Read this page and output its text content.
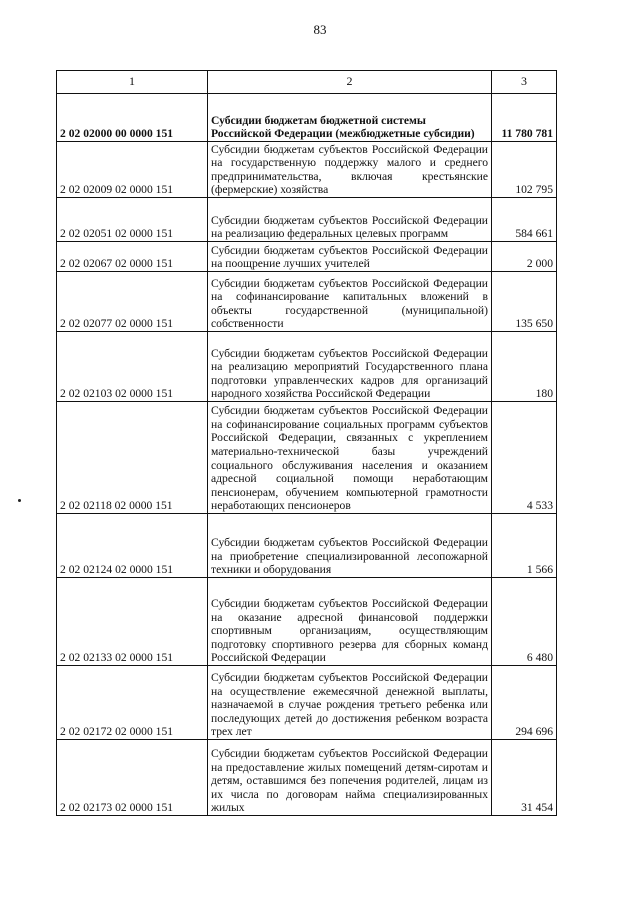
83
1	2	3
2 02 02000 00 0000 151	Субсидии бюджетам бюджетной системы Российской Федерации (межбюджетные субсидии)	11 780 781
2 02 02009 02 0000 151	Субсидии бюджетам субъектов Российской Федерации на государственную поддержку малого и среднего предпринимательства, включая крестьянские (фермерские) хозяйства	102 795
2 02 02051 02 0000 151	Субсидии бюджетам субъектов Российской Федерации на реализацию федеральных целевых программ	584 661
2 02 02067 02 0000 151	Субсидии бюджетам субъектов Российской Федерации на поощрение лучших учителей	2 000
2 02 02077 02 0000 151	Субсидии бюджетам субъектов Российской Федерации на софинансирование капитальных вложений в объекты государственной (муниципальной) собственности	135 650
2 02 02103 02 0000 151	Субсидии бюджетам субъектов Российской Федерации на реализацию мероприятий Государственного плана подготовки управленческих кадров для организаций народного хозяйства Российской Федерации	180
2 02 02118 02 0000 151	Субсидии бюджетам субъектов Российской Федерации на софинансирование социальных программ субъектов Российской Федерации, связанных с укреплением материально-технической базы учреждений социального обслуживания населения и оказанием адресной социальной помощи неработающим пенсионерам, обучением компьютерной грамотности неработающих пенсионеров	4 533
2 02 02124 02 0000 151	Субсидии бюджетам субъектов Российской Федерации на приобретение специализированной лесопожарной техники и оборудования	1 566
2 02 02133 02 0000 151	Субсидии бюджетам субъектов Российской Федерации на оказание адресной финансовой поддержки спортивным организациям, осуществляющим подготовку спортивного резерва для сборных команд Российской Федерации	6 480
2 02 02172 02 0000 151	Субсидии бюджетам субъектов Российской Федерации на осуществление ежемесячной денежной выплаты, назначаемой в случае рождения третьего ребенка или последующих детей до достижения ребенком возраста трех лет	294 696
2 02 02173 02 0000 151	Субсидии бюджетам субъектов Российской Федерации на предоставление жилых помещений детям-сиротам и детям, оставшимся без попечения родителей, лицам из их числа по договорам найма специализированных жилых	31 454
